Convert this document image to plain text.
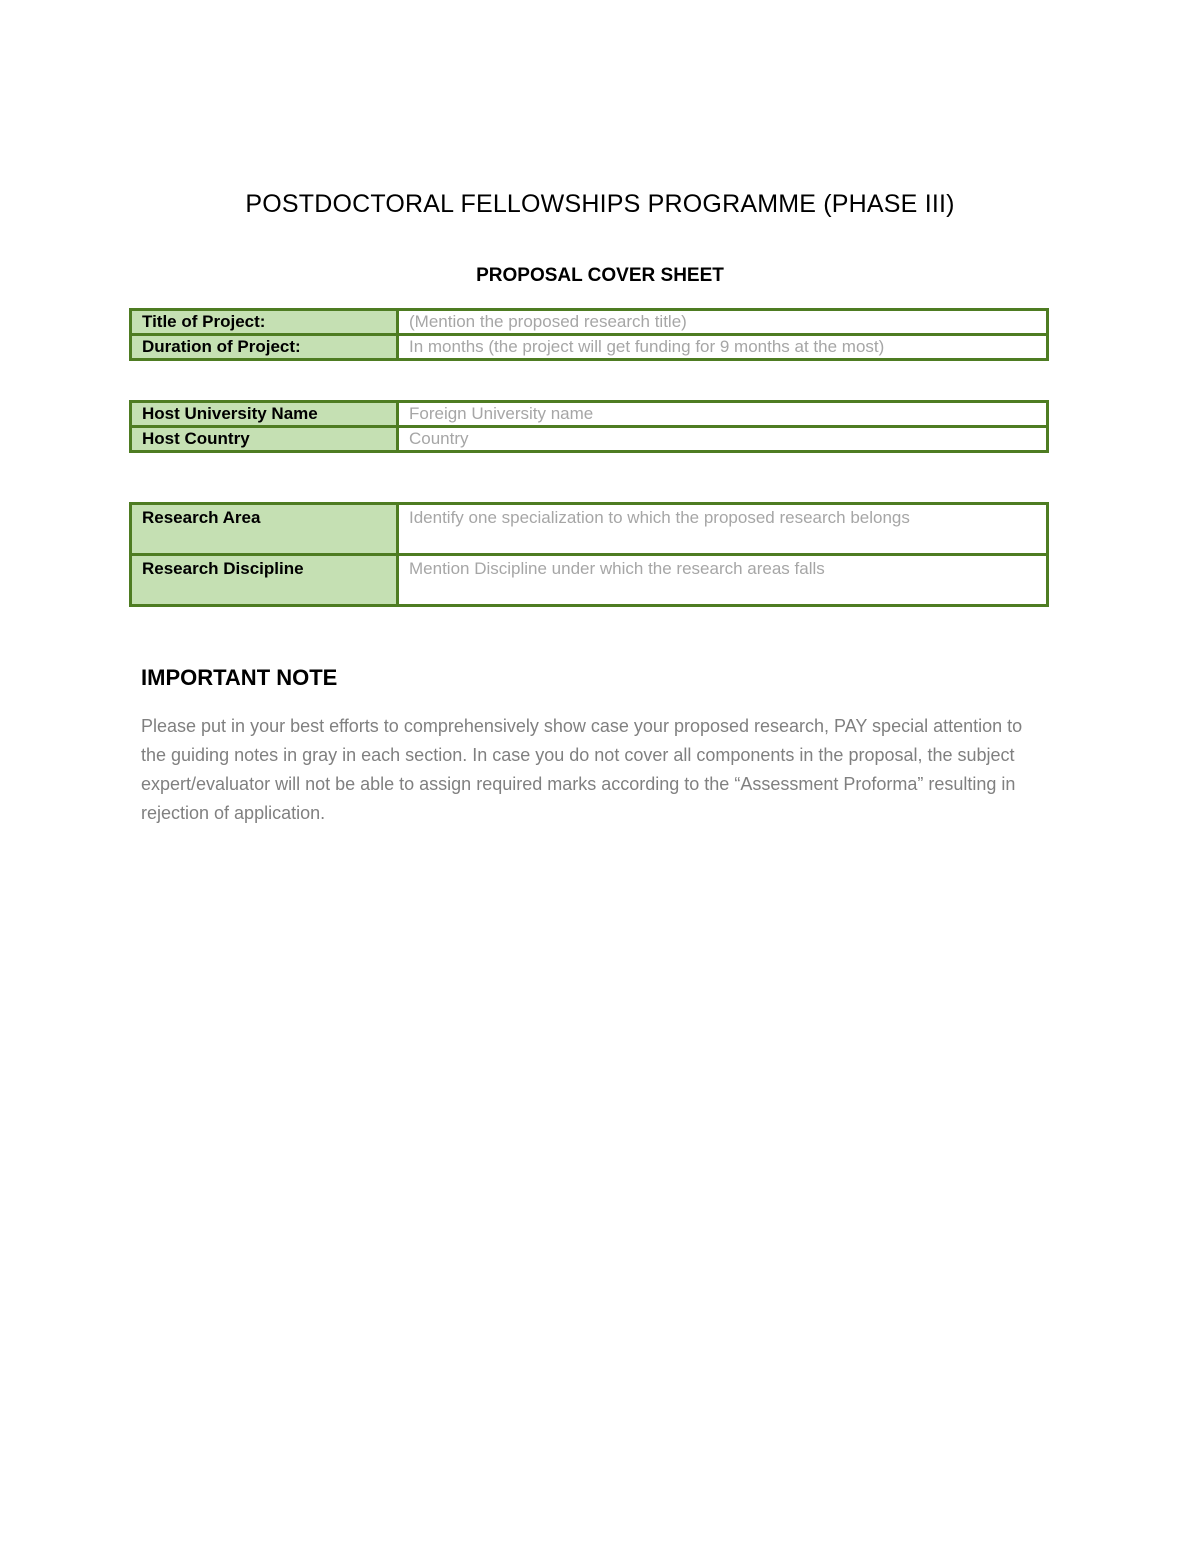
POSTDOCTORAL FELLOWSHIPS PROGRAMME (PHASE III)
PROPOSAL COVER SHEET
Title of Project:	(Mention the proposed research title)
Duration of Project:	In months (the project will get funding for 9 months at the most)
Host University Name	Foreign University name
Host Country	Country
Research Area	Identify one specialization to which the proposed research belongs
Research Discipline	Mention Discipline under which the research areas falls
IMPORTANT NOTE
Please put in your best efforts to comprehensively show case your proposed research, PAY special attention to the guiding notes in gray in each section. In case you do not cover all components in the proposal, the subject expert/evaluator will not be able to assign required marks according to the “Assessment Proforma” resulting in rejection of application.
